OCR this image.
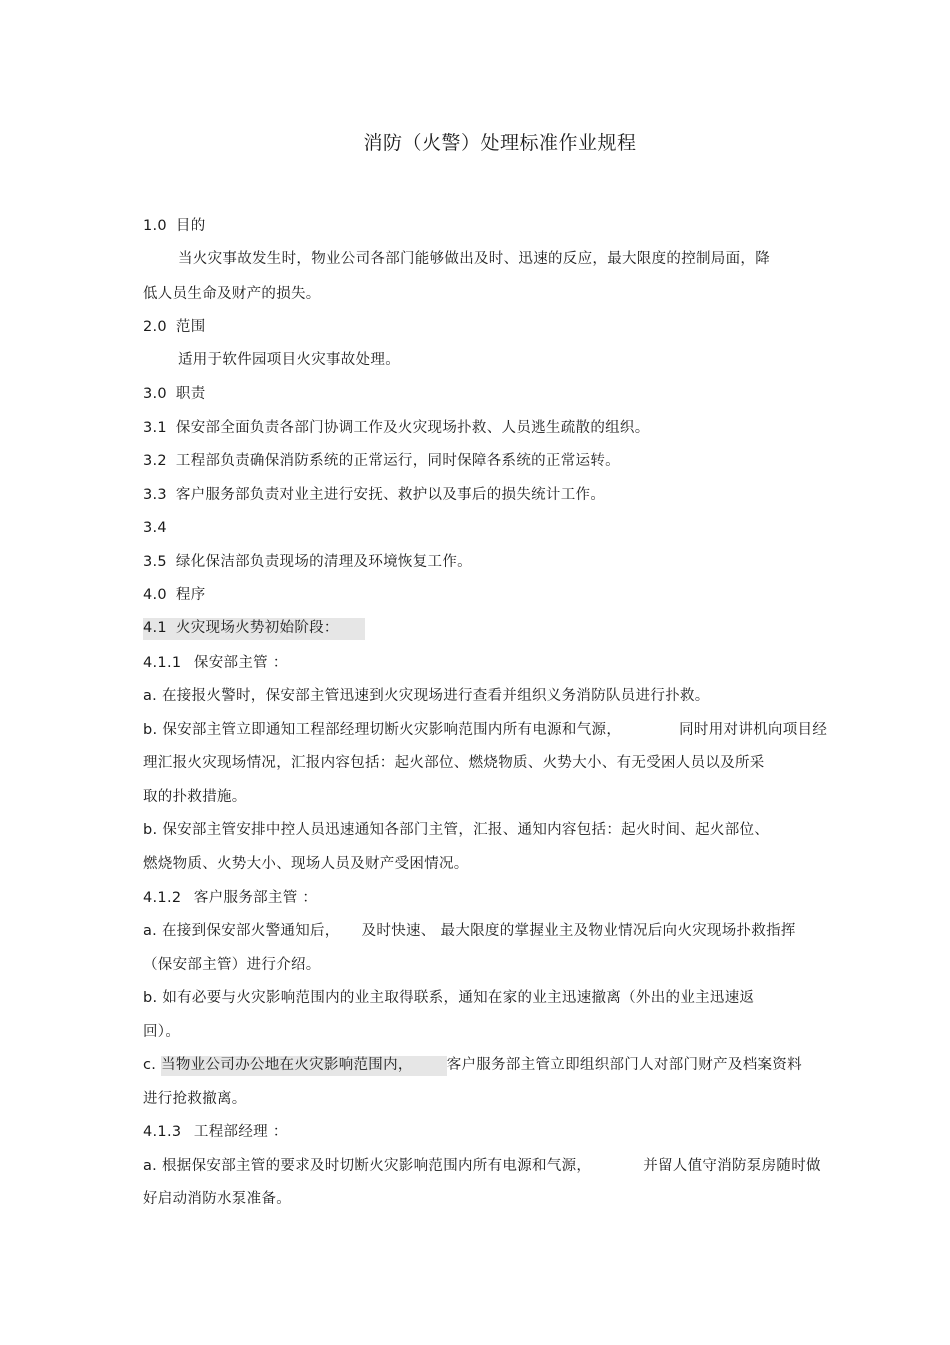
消防（火警）处理标准作业规程
1.0 目的
当火灾事故发生时，物业公司各部门能够做出及时、迅速的反应，最大限度的控制局面，降
低人员生命及财产的损失。
2.0 范围
适用于软件园项目火灾事故处理。
3.0 职责
3.1 保安部全面负责各部门协调工作及火灾现场扑救、人员逃生疏散的组织。
3.2 工程部负责确保消防系统的正常运行，同时保障各系统的正常运转。
3.3 客户服务部负责对业主进行安抚、救护以及事后的损失统计工作。
3.4
3.5 绿化保洁部负责现场的清理及环境恢复工作。
4.0 程序
4.1 火灾现场火势初始阶段：
4.1.1 保安部主管 ：
a. 在接报火警时，保安部主管迅速到火灾现场进行查看并组织义务消防队员进行扑救。
b. 保安部主管立即通知工程部经理切断火灾影响范围内所有电源和气源，	同时用对讲机向项目经
理汇报火灾现场情况，汇报内容包括：起火部位、燃烧物质、火势大小、有无受困人员以及所采
取的扑救措施。
b. 保安部主管安排中控人员迅速通知各部门主管，汇报、通知内容包括：起火时间、起火部位、
燃烧物质、火势大小、现场人员及财产受困情况。
4.1.2 客户服务部主管 ：
a. 在接到保安部火警通知后， 及时快速、 最大限度的掌握业主及物业情况后向火灾现场扑救指挥
（保安部主管）进行介绍。
b. 如有必要与火灾影响范围内的业主取得联系，通知在家的业主迅速撤离（外出的业主迅速返
回）。
c. 当物业公司办公地在火灾影响范围内， 客户服务部主管立即组织部门人对部门财产及档案资料
进行抢救撤离。
4.1.3 工程部经理 ：
a. 根据保安部主管的要求及时切断火灾影响范围内所有电源和气源，	并留人值守消防泵房随时做
好启动消防水泵准备。
